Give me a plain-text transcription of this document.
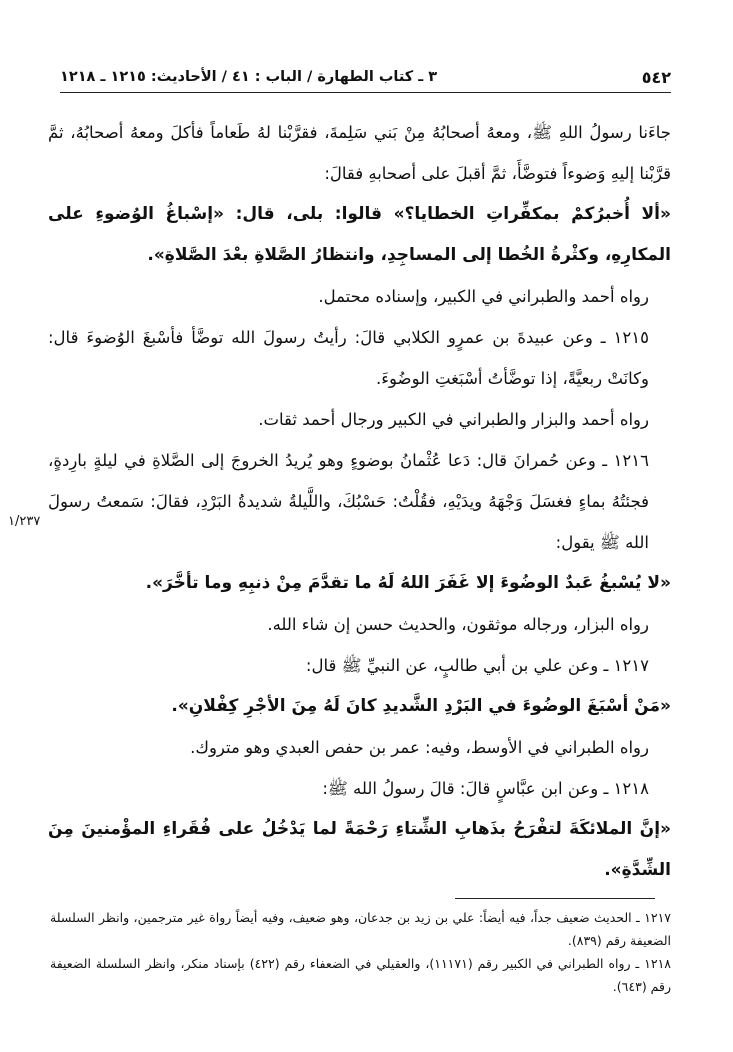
٥٤٢
٣ ـ كتاب الطهارة / الباب : ٤١ / الأحاديث: ١٢١٥ ـ ١٢١٨

جاءَنا رسولُ اللهِ ﷺ، ومعهُ أصحابُهُ مِنْ بَني سَلِمةَ، فقرَّبْنا لهُ طَعاماً فأكلَ ومعهُ أصحابُهُ، ثمَّ قرَّبْنا إليهِ وَضوءاً فتوضَّأَ، ثمَّ أقبلَ على أصحابهِ فقالَ:

«ألا أُخبرُكمْ بمكفِّراتِ الخطايا؟» قالوا: بلى، قال: «إسْباغُ الوُضوءِ على المكارِهِ، وكثْرةُ الخُطا إلى المساجِدِ، وانتظارُ الصَّلاةِ بعْدَ الصَّلاةِ».

رواه أحمد والطبراني في الكبير، وإسناده محتمل.

١٢١٥ ـ وعن عبيدةَ بن عمرٍو الكلابي قالَ: رأيتُ رسولَ الله توضَّأ فأسْبغَ الوُضوءَ قال: وكانَتْ ربعيَّةً، إذا توضَّأتُ أسْبَغتِ الوضُوءَ.

رواه أحمد والبزار والطبراني في الكبير ورجال أحمد ثقات.

١٢١٦ ـ وعن حُمرانَ قال: دَعا عُثْمانُ بوضوءٍ وهو يُريدُ الخروجَ إلى الصَّلاةِ في ليلةٍ بارِدةٍ، فجئتُهُ بماءٍ فغسَلَ وَجْهَهُ ويدَيْهِ، فقُلْتُ: حَسْبُكَ، واللَّيلةُ شديدةُ البَرْدِ، فقالَ: سَمعتُ رسولَ الله ﷺ يقول:

«لا يُسْبغُ عَبدٌ الوضُوءَ إلا غَفَرَ اللهُ لَهُ ما تقدَّمَ مِنْ ذنبِهِ وما تأخَّرَ».

رواه البزار، ورجاله موثقون، والحديث حسن إن شاء الله.

١٢١٧ ـ وعن علي بن أبي طالبٍ، عن النبيِّ ﷺ قال:

«مَنْ أسْبَغَ الوضُوءَ في البَرْدِ الشَّديدِ كانَ لَهُ مِنَ الأجْرِ كِفْلانِ».

رواه الطبراني في الأوسط، وفيه: عمر بن حفص العبدي وهو متروك.

١٢١٨ ـ وعن ابن عبَّاسٍ قالَ: قالَ رسولُ الله ﷺ:

«إنَّ الملائكَةَ لتفْرَحُ بذَهابِ الشِّتاءِ رَحْمَةً لما يَدْخُلُ على فُقَراءِ المؤْمنينَ مِنَ الشِّدَّةِ».

١/٢٣٧

١٢١٧ ـ الحديث ضعيف جداً، فيه أيضاً: علي بن زيد بن جدعان، وهو ضعيف، وفيه أيضاً رواة غير مترجمين، وانظر السلسلة الضعيفة رقم (٨٣٩).

١٢١٨ ـ رواه الطبراني في الكبير رقم (١١١٧١)، والعقيلي في الضعفاء رقم (٤٢٢) بإسناد منكر، وانظر السلسلة الضعيفة رقم (٦٤٣).
